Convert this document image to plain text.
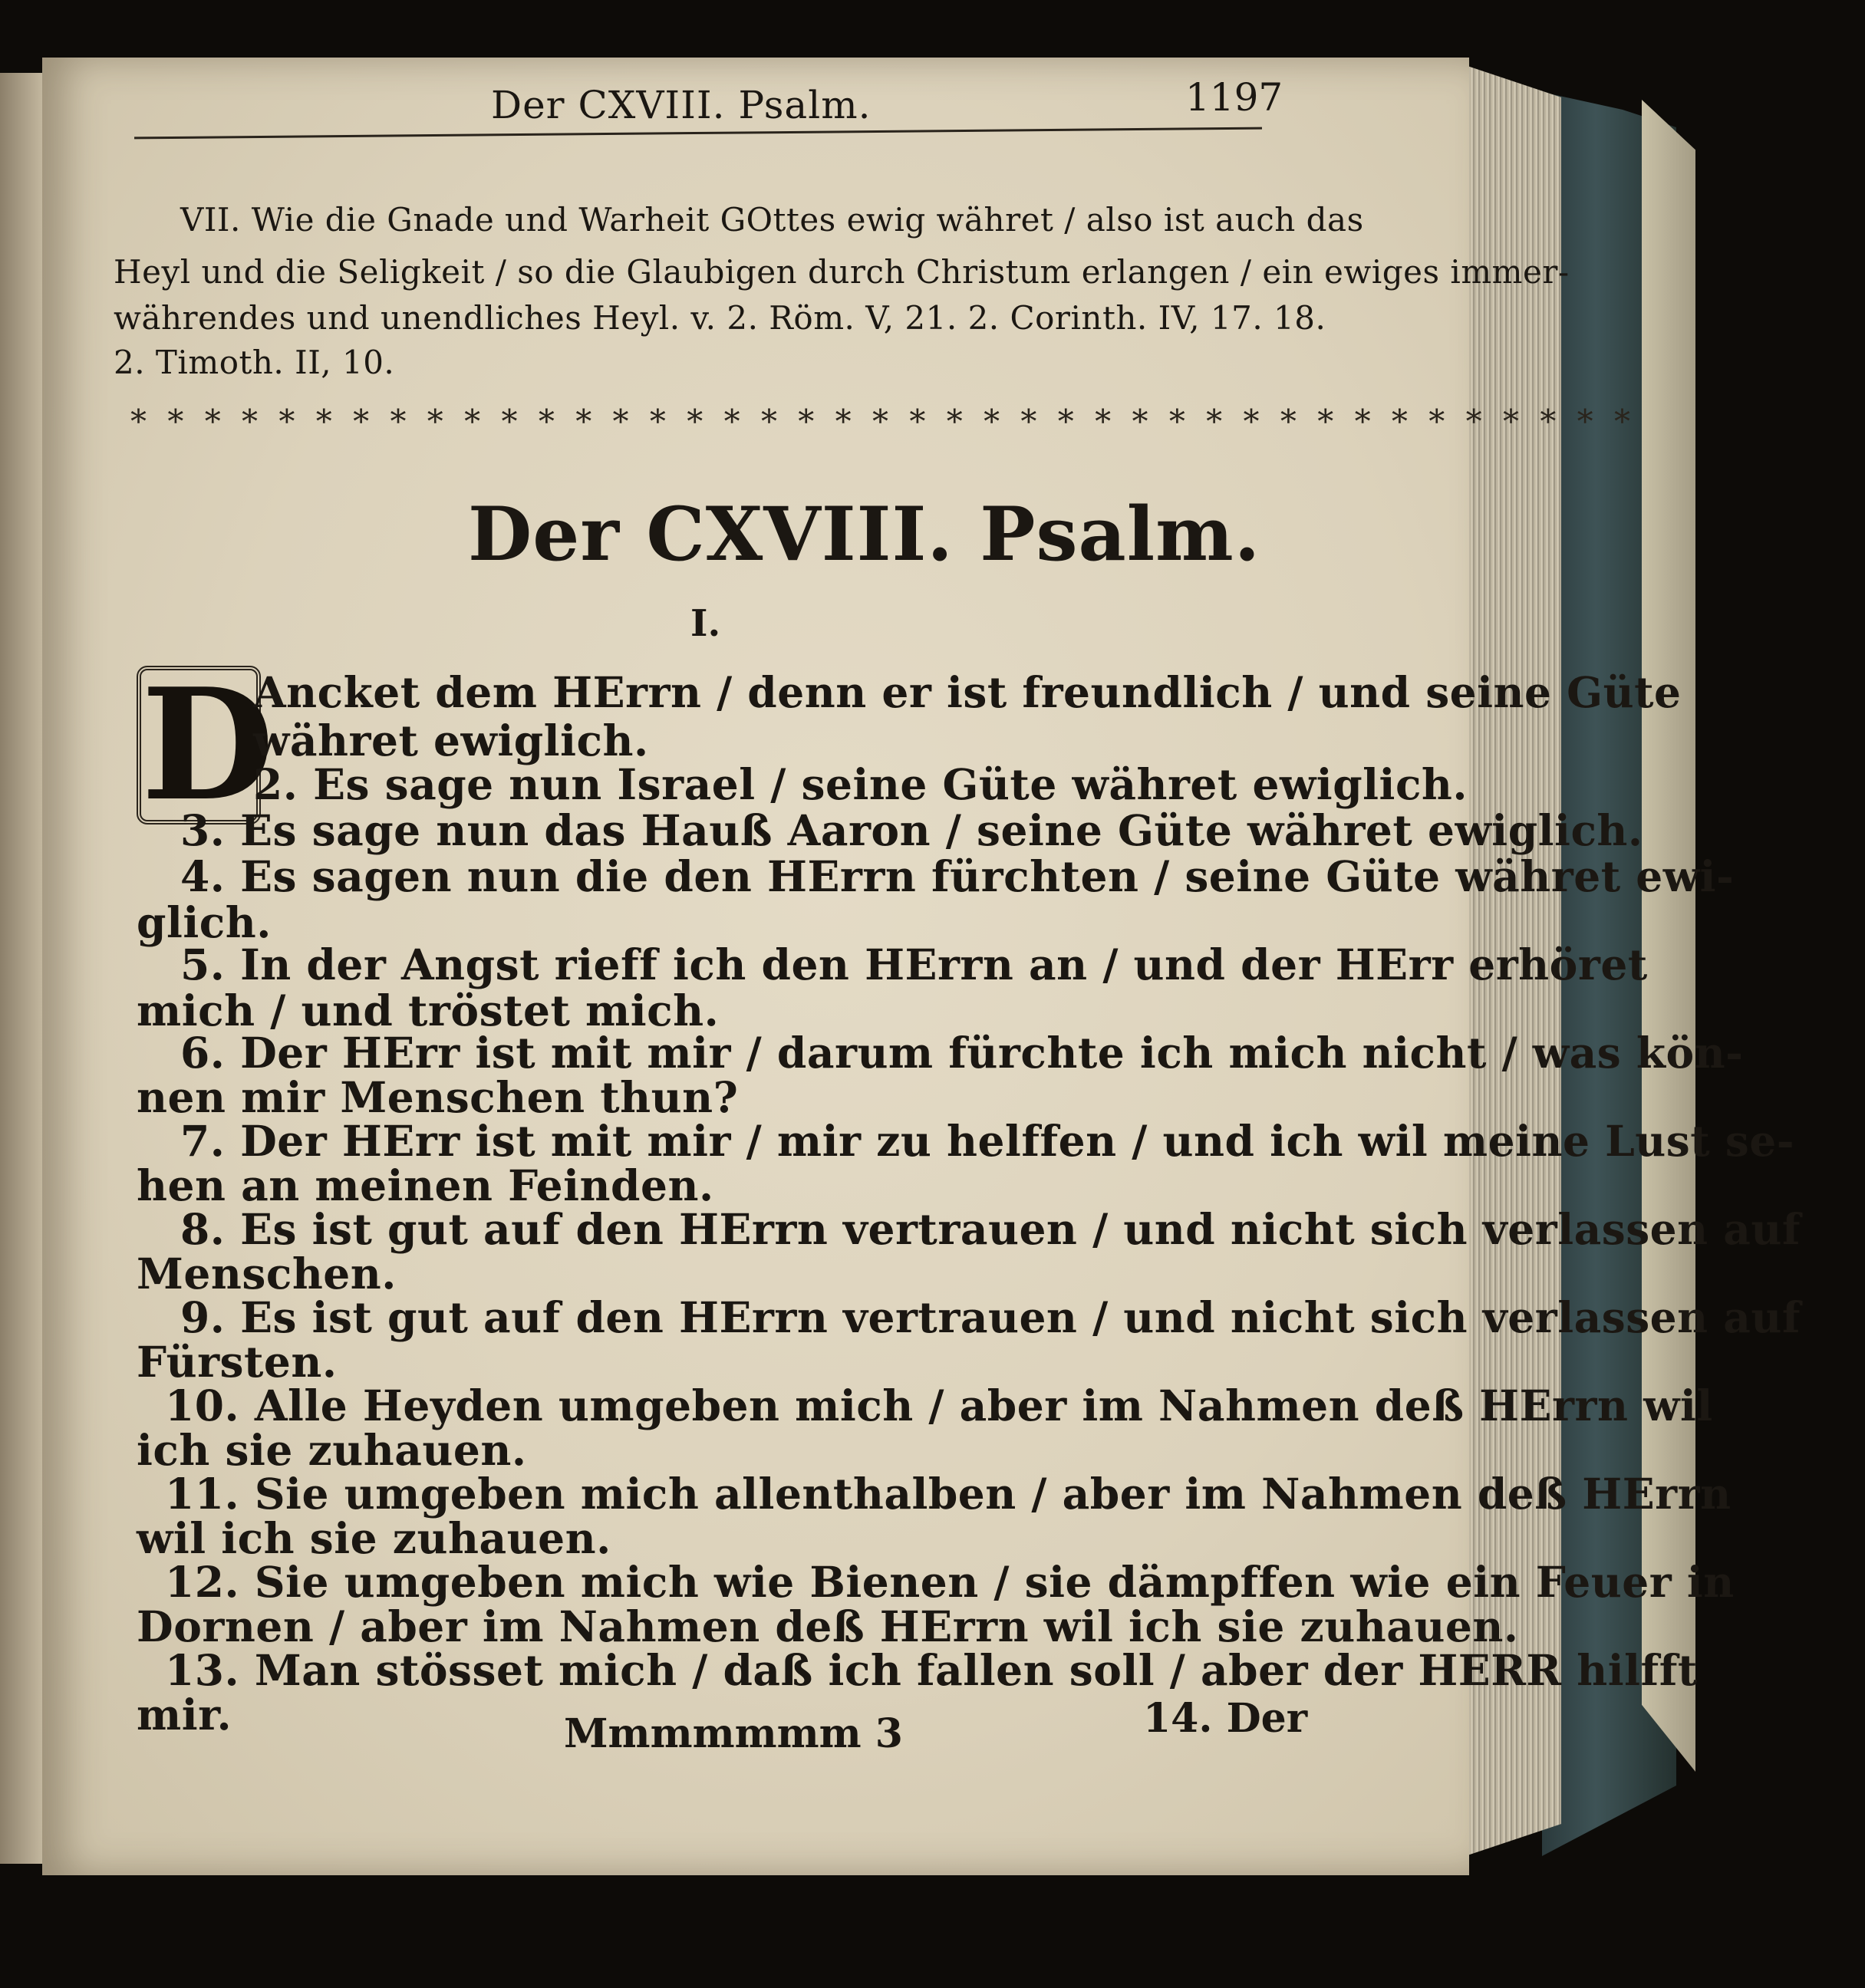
Der CXVIII. Psalm.	1197
VII. Wie die Gnade und Warheit GOttes ewig währet / also ist auch das
Heyl und die Seligkeit / so die Glaubigen durch Christum erlangen / ein ewiges immer-
währendes und unendliches Heyl. v. 2. Röm. V, 21. 2. Corinth. IV, 17. 18.
2. Timoth. II, 10.
* * * * * * * * * * * * * * * * * * * * * * * * * * * * * * * * * * * * * * * * *
Der CXVIII. Psalm.
I.
D
Ancket dem HErrn / denn er ist freundlich / und seine Güte
währet ewiglich.
2. Es sage nun Israel / seine Güte währet ewiglich.
3. Es sage nun das Hauß Aaron / seine Güte währet ewiglich.
4. Es sagen nun die den HErrn fürchten / seine Güte währet ewi-
glich.
5. In der Angst rieff ich den HErrn an / und der HErr erhöret
mich / und tröstet mich.
6. Der HErr ist mit mir / darum fürchte ich mich nicht / was kön-
nen mir Menschen thun?
7. Der HErr ist mit mir / mir zu helffen / und ich wil meine Lust se-
hen an meinen Feinden.
8. Es ist gut auf den HErrn vertrauen / und nicht sich verlassen auf
Menschen.
9. Es ist gut auf den HErrn vertrauen / und nicht sich verlassen auf
Fürsten.
10. Alle Heyden umgeben mich / aber im Nahmen deß HErrn wil
ich sie zuhauen.
11. Sie umgeben mich allenthalben / aber im Nahmen deß HErrn
wil ich sie zuhauen.
12. Sie umgeben mich wie Bienen / sie dämpffen wie ein Feuer in
Dornen / aber im Nahmen deß HErrn wil ich sie zuhauen.
13. Man stösset mich / daß ich fallen soll / aber der HERR hilfft
mir.	Mmmmmmm 3	14. Der
